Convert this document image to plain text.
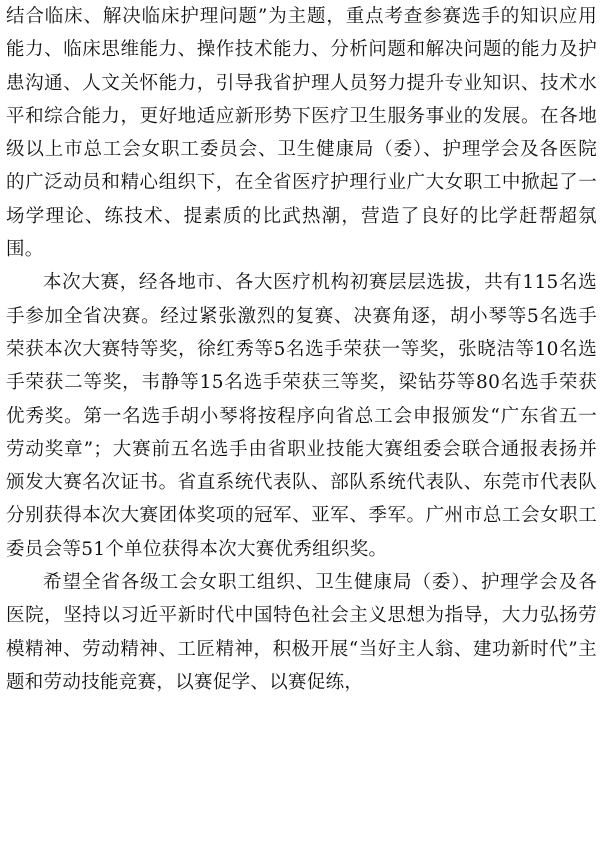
结合临床、解决临床护理问题”为主题，重点考查参赛选手的知识应用能力、临床思维能力、操作技术能力、分析问题和解决问题的能力及护患沟通、人文关怀能力，引导我省护理人员努力提升专业知识、技术水平和综合能力，更好地适应新形势下医疗卫生服务事业的发展。在各地级以上市总工会女职工委员会、卫生健康局（委）、护理学会及各医院的广泛动员和精心组织下，在全省医疗护理行业广大女职工中掀起了一场学理论、练技术、提素质的比武热潮，营造了良好的比学赶帮超氛围。

本次大赛，经各地市、各大医疗机构初赛层层选拔，共有115名选手参加全省决赛。经过紧张激烈的复赛、决赛角逐，胡小琴等5名选手荣获本次大赛特等奖，徐红秀等5名选手荣获一等奖，张晓洁等10名选手荣获二等奖，韦静等15名选手荣获三等奖，梁钻芬等80名选手荣获优秀奖。第一名选手胡小琴将按程序向省总工会申报颁发“广东省五一劳动奖章”；大赛前五名选手由省职业技能大赛组委会联合通报表扬并颁发大赛名次证书。省直系统代表队、部队系统代表队、东莞市代表队分别获得本次大赛团体奖项的冠军、亚军、季军。广州市总工会女职工委员会等51个单位获得本次大赛优秀组织奖。

希望全省各级工会女职工组织、卫生健康局（委）、护理学会及各医院，坚持以习近平新时代中国特色社会主义思想为指导，大力弘扬劳模精神、劳动精神、工匠精神，积极开展“当好主人翁、建功新时代”主题和劳动技能竞赛，以赛促学、以赛促练，
